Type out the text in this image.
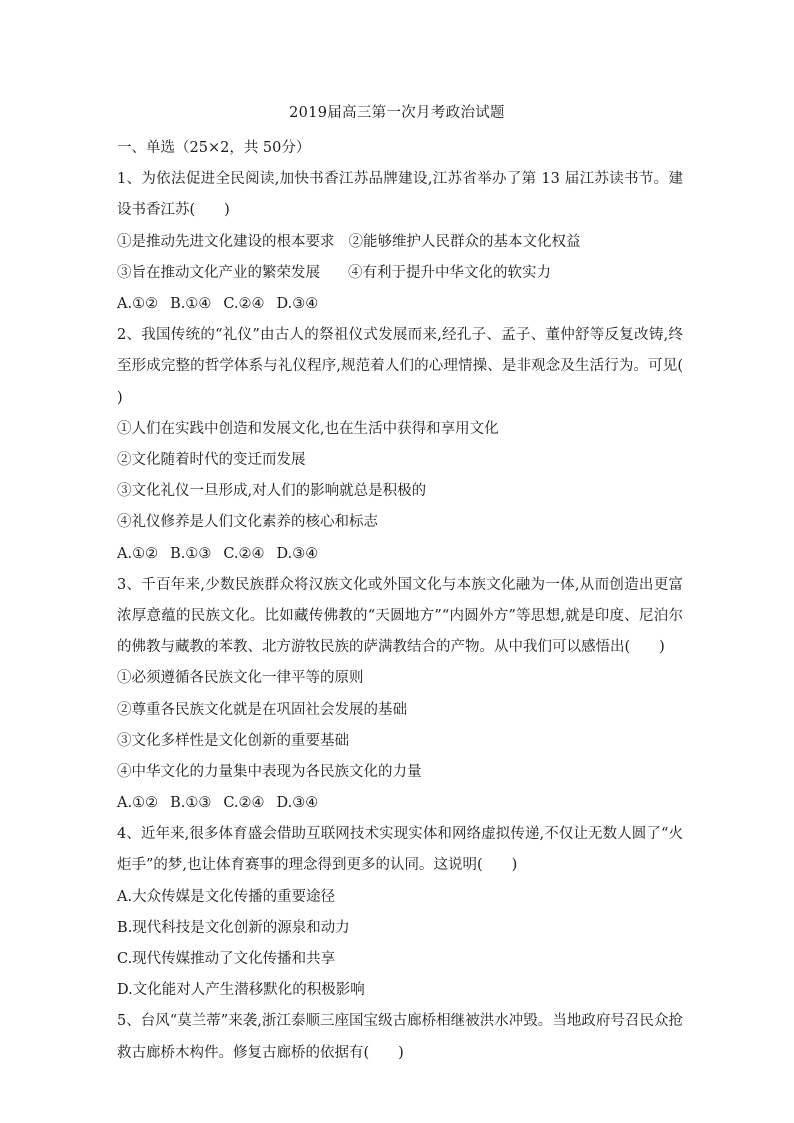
2019届高三第一次月考政治试题
一、单选（25×2，共 50分）
1、为依法促进全民阅读,加快书香江苏品牌建设,江苏省举办了第 13 届江苏读书节。建设书香江苏(　　)
①是推动先进文化建设的根本要求 ②能够维护人民群众的基本文化权益
③旨在推动文化产业的繁荣发展 ④有利于提升中华文化的软实力
A.①② B.①④ C.②④ D.③④
2、我国传统的“礼仪”由古人的祭祖仪式发展而来,经孔子、孟子、董仲舒等反复改铸,终至形成完整的哲学体系与礼仪程序,规范着人们的心理情操、是非观念及生活行为。可见(　　)
①人们在实践中创造和发展文化,也在生活中获得和享用文化
②文化随着时代的变迁而发展
③文化礼仪一旦形成,对人们的影响就总是积极的
④礼仪修养是人们文化素养的核心和标志
A.①② B.①③ C.②④ D.③④
3、千百年来,少数民族群众将汉族文化或外国文化与本族文化融为一体,从而创造出更富浓厚意蕴的民族文化。比如藏传佛教的“天圆地方”“内圆外方”等思想,就是印度、尼泊尔的佛教与藏教的苯教、北方游牧民族的萨满教结合的产物。从中我们可以感悟出(　　)
①必须遵循各民族文化一律平等的原则
②尊重各民族文化就是在巩固社会发展的基础
③文化多样性是文化创新的重要基础
④中华文化的力量集中表现为各民族文化的力量
A.①② B.①③ C.②④ D.③④
4、近年来,很多体育盛会借助互联网技术实现实体和网络虚拟传递,不仅让无数人圆了“火炬手”的梦,也让体育赛事的理念得到更多的认同。这说明(　　)
A.大众传媒是文化传播的重要途径
B.现代科技是文化创新的源泉和动力
C.现代传媒推动了文化传播和共享
D.文化能对人产生潜移默化的积极影响
5、台风“莫兰蒂”来袭,浙江泰顺三座国宝级古廊桥相继被洪水冲毁。当地政府号召民众抢救古廊桥木构件。修复古廊桥的依据有(　　)
